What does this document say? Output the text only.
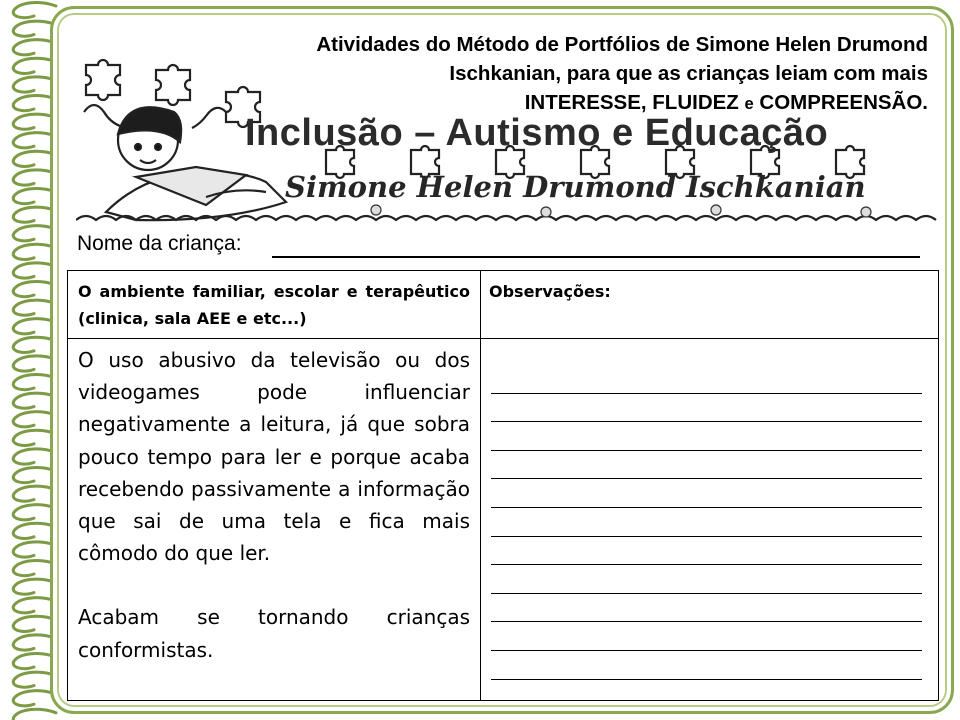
Atividades do Método de Portfólios de Simone Helen Drumond
Ischkanian, para que as crianças leiam com mais
INTERESSE, FLUIDEZ e COMPREENSÃO.
Inclusão – Autismo e Educação
Simone Helen Drumond Ischkanian
Nome da criança:
O ambiente familiar, escolar e terapêutico (clinica, sala AEE e etc...)	Observações:

O uso abusivo da televisão ou dos videogames pode influenciar negativamente a leitura, já que sobra pouco tempo para ler e porque acaba recebendo passivamente a informação que sai de uma tela e fica mais cômodo do que ler.

Acabam se tornando crianças conformistas.	
